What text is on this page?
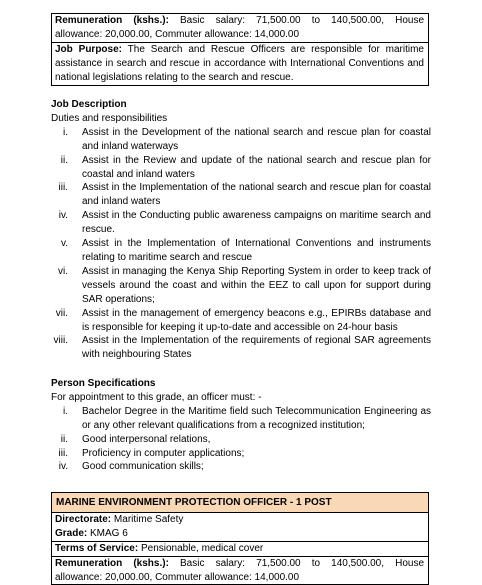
Remuneration (kshs.): Basic salary: 71,500.00 to 140,500.00, House
allowance: 20,000.00, Commuter allowance: 14,000.00
Job Purpose: The Search and Rescue Officers are responsible for maritime assistance in search and rescue in accordance with International Conventions and national legislations relating to the search and rescue.
Job Description
Duties and responsibilities
i. Assist in the Development of the national search and rescue plan for coastal and inland waterways
ii. Assist in the Review and update of the national search and rescue plan for coastal and inland waters
iii. Assist in the Implementation of the national search and rescue plan for coastal and inland waters
iv. Assist in the Conducting public awareness campaigns on maritime search and rescue.
v. Assist in the Implementation of International Conventions and instruments relating to maritime search and rescue
vi. Assist in managing the Kenya Ship Reporting System in order to keep track of vessels around the coast and within the EEZ to call upon for support during SAR operations;
vii. Assist in the management of emergency beacons e.g., EPIRBs database and is responsible for keeping it up-to-date and accessible on 24-hour basis
viii. Assist in the Implementation of the requirements of regional SAR agreements with neighbouring States
Person Specifications
For appointment to this grade, an officer must: -
i. Bachelor Degree in the Maritime field such Telecommunication Engineering as or any other relevant qualifications from a recognized institution;
ii. Good interpersonal relations,
iii. Proficiency in computer applications;
iv. Good communication skills;
MARINE ENVIRONMENT PROTECTION OFFICER - 1 POST
Directorate: Maritime Safety
Grade: KMAG 6
Terms of Service: Pensionable, medical cover
Remuneration (kshs.): Basic salary: 71,500.00 to 140,500.00, House
allowance: 20,000.00, Commuter allowance: 14,000.00
